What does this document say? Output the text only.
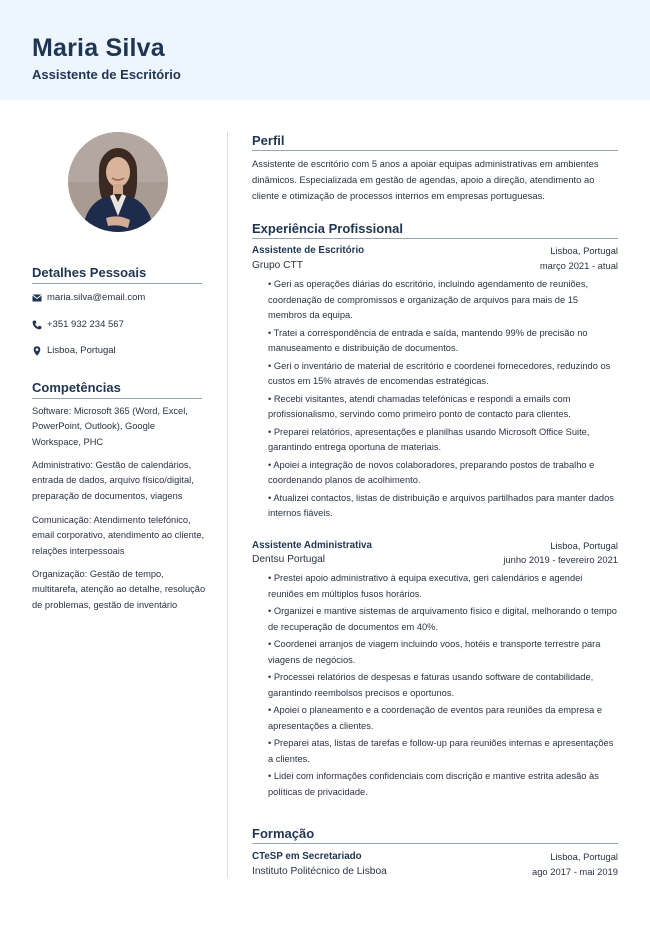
Maria Silva
Assistente de Escritório
Detalhes Pessoais
maria.silva@email.com
+351 932 234 567
Lisboa, Portugal
Competências
Software: Microsoft 365 (Word, Excel, PowerPoint, Outlook), Google Workspace, PHC
Administrativo: Gestão de calendários, entrada de dados, arquivo físico/digital, preparação de documentos, viagens
Comunicação: Atendimento telefónico, email corporativo, atendimento ao cliente, relações interpessoais
Organização: Gestão de tempo, multitarefa, atenção ao detalhe, resolução de problemas, gestão de inventário
Perfil
Assistente de escritório com 5 anos a apoiar equipas administrativas em ambientes dinâmicos. Especializada em gestão de agendas, apoio a direção, atendimento ao cliente e otimização de processos internos em empresas portuguesas.
Experiência Profissional
Assistente de Escritório	Lisboa, Portugal
Grupo CTT	março 2021 - atual
• Geri as operações diárias do escritório, incluindo agendamento de reuniões, coordenação de compromissos e organização de arquivos para mais de 15 membros da equipa.
• Tratei a correspondência de entrada e saída, mantendo 99% de precisão no manuseamento e distribuição de documentos.
• Geri o inventário de material de escritório e coordenei fornecedores, reduzindo os custos em 15% através de encomendas estratégicas.
• Recebi visitantes, atendi chamadas telefónicas e respondi a emails com profissionalismo, servindo como primeiro ponto de contacto para clientes.
• Preparei relatórios, apresentações e planilhas usando Microsoft Office Suite, garantindo entrega oportuna de materiais.
• Apoiei a integração de novos colaboradores, preparando postos de trabalho e coordenando planos de acolhimento.
• Atualizei contactos, listas de distribuição e arquivos partilhados para manter dados internos fiáveis.
Assistente Administrativa	Lisboa, Portugal
Dentsu Portugal	junho 2019 - fevereiro 2021
• Prestei apoio administrativo à equipa executiva, geri calendários e agendei reuniões em múltiplos fusos horários.
• Organizei e mantive sistemas de arquivamento físico e digital, melhorando o tempo de recuperação de documentos em 40%.
• Coordenei arranjos de viagem incluindo voos, hotéis e transporte terrestre para viagens de negócios.
• Processei relatórios de despesas e faturas usando software de contabilidade, garantindo reembolsos precisos e oportunos.
• Apoiei o planeamento e a coordenação de eventos para reuniões da empresa e apresentações a clientes.
• Preparei atas, listas de tarefas e follow-up para reuniões internas e apresentações a clientes.
• Lidei com informações confidenciais com discrição e mantive estrita adesão às políticas de privacidade.
Formação
CTeSP em Secretariado	Lisboa, Portugal
Instituto Politécnico de Lisboa	ago 2017 - mai 2019
